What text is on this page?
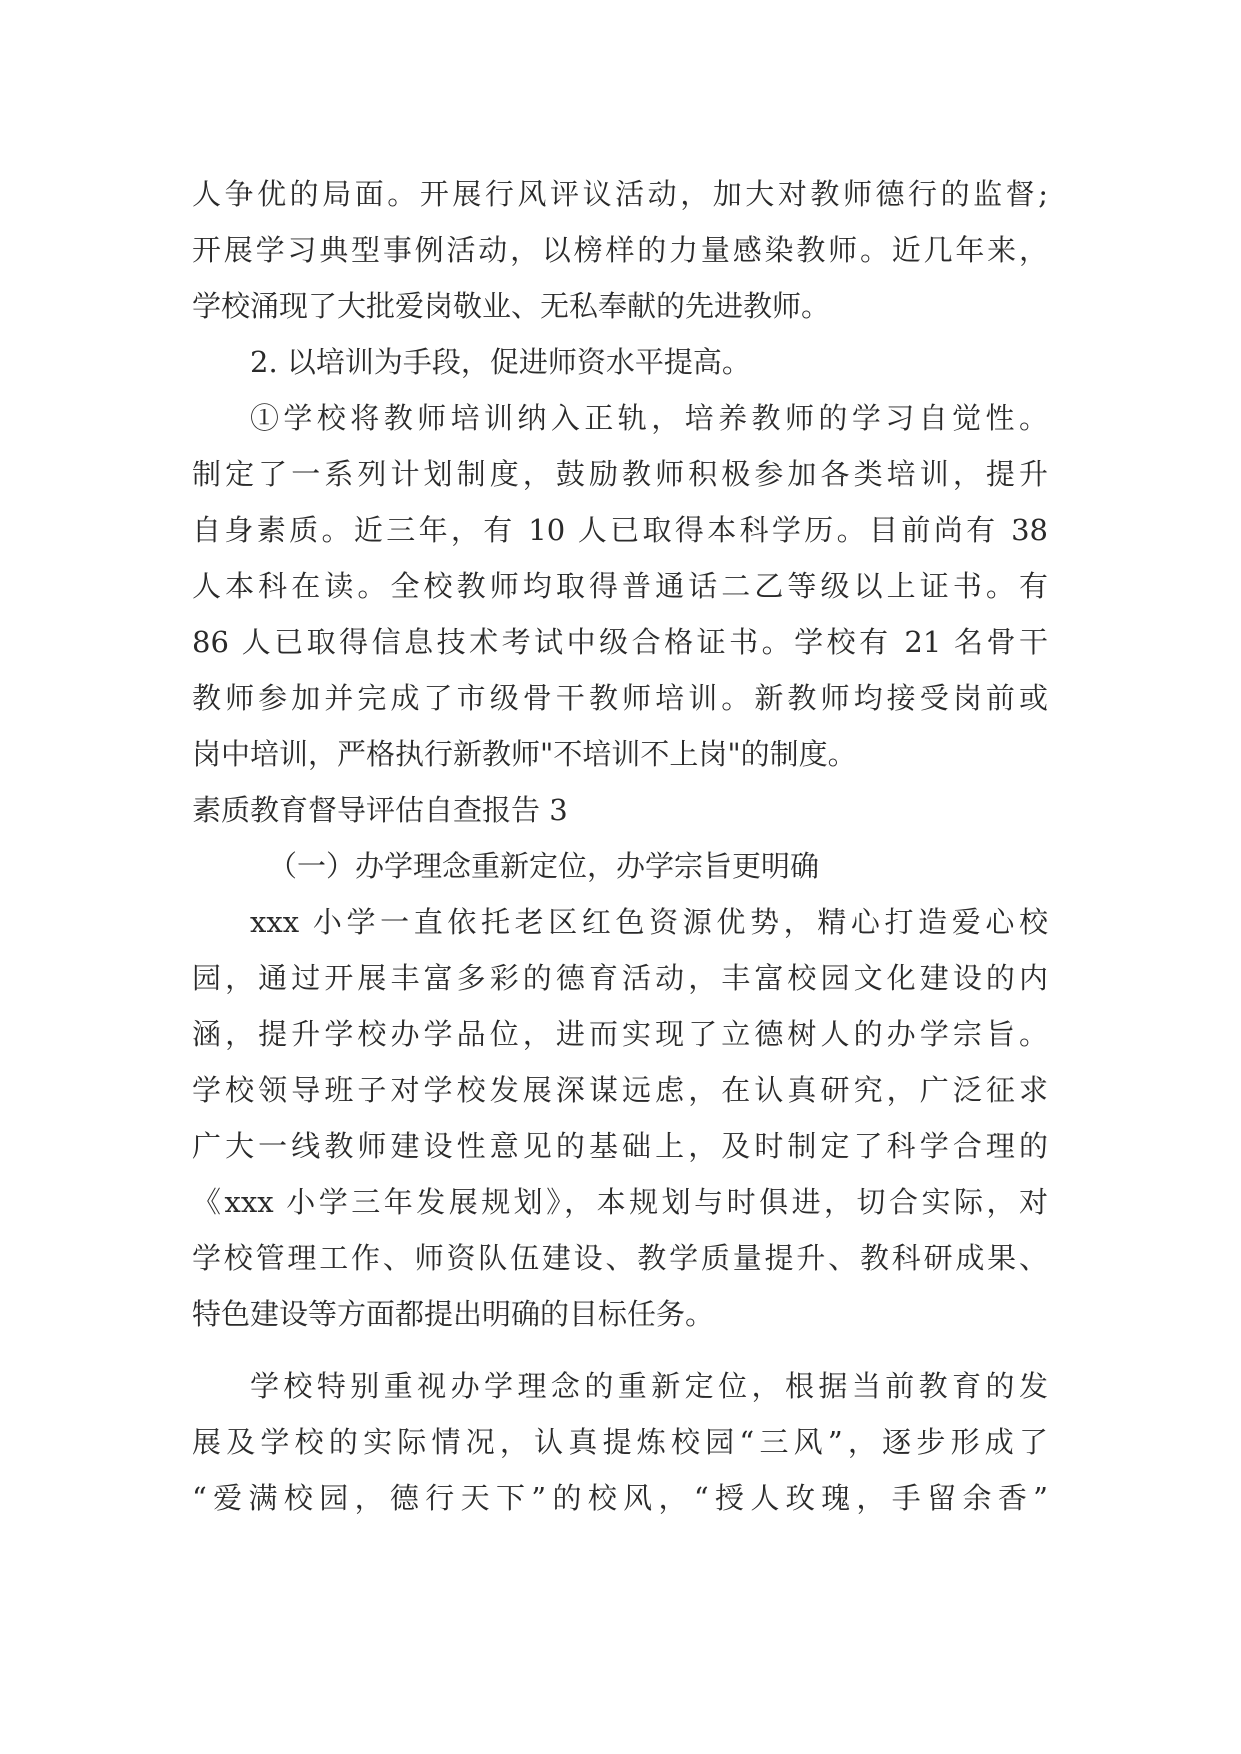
人争优的局面。开展行风评议活动，加大对教师德行的监督;
开展学习典型事例活动，以榜样的力量感染教师。近几年来，
学校涌现了大批爱岗敬业、无私奉献的先进教师。
2. 以培训为手段，促进师资水平提高。
①学校将教师培训纳入正轨，培养教师的学习自觉性。
制定了一系列计划制度，鼓励教师积极参加各类培训，提升
自身素质。近三年，有 10 人已取得本科学历。目前尚有 38
人本科在读。全校教师均取得普通话二乙等级以上证书。有
86 人已取得信息技术考试中级合格证书。学校有 21 名骨干
教师参加并完成了市级骨干教师培训。新教师均接受岗前或
岗中培训，严格执行新教师"不培训不上岗"的制度。
素质教育督导评估自查报告 3
（一）办学理念重新定位，办学宗旨更明确
xxx 小学一直依托老区红色资源优势，精心打造爱心校
园，通过开展丰富多彩的德育活动，丰富校园文化建设的内
涵，提升学校办学品位，进而实现了立德树人的办学宗旨。
学校领导班子对学校发展深谋远虑，在认真研究，广泛征求
广大一线教师建设性意见的基础上，及时制定了科学合理的
《xxx 小学三年发展规划》，本规划与时俱进，切合实际，对
学校管理工作、师资队伍建设、教学质量提升、教科研成果、
特色建设等方面都提出明确的目标任务。
学校特别重视办学理念的重新定位，根据当前教育的发
展及学校的实际情况，认真提炼校园“三风”，逐步形成了
“爱满校园，德行天下”的校风，“授人玫瑰，手留余香”
